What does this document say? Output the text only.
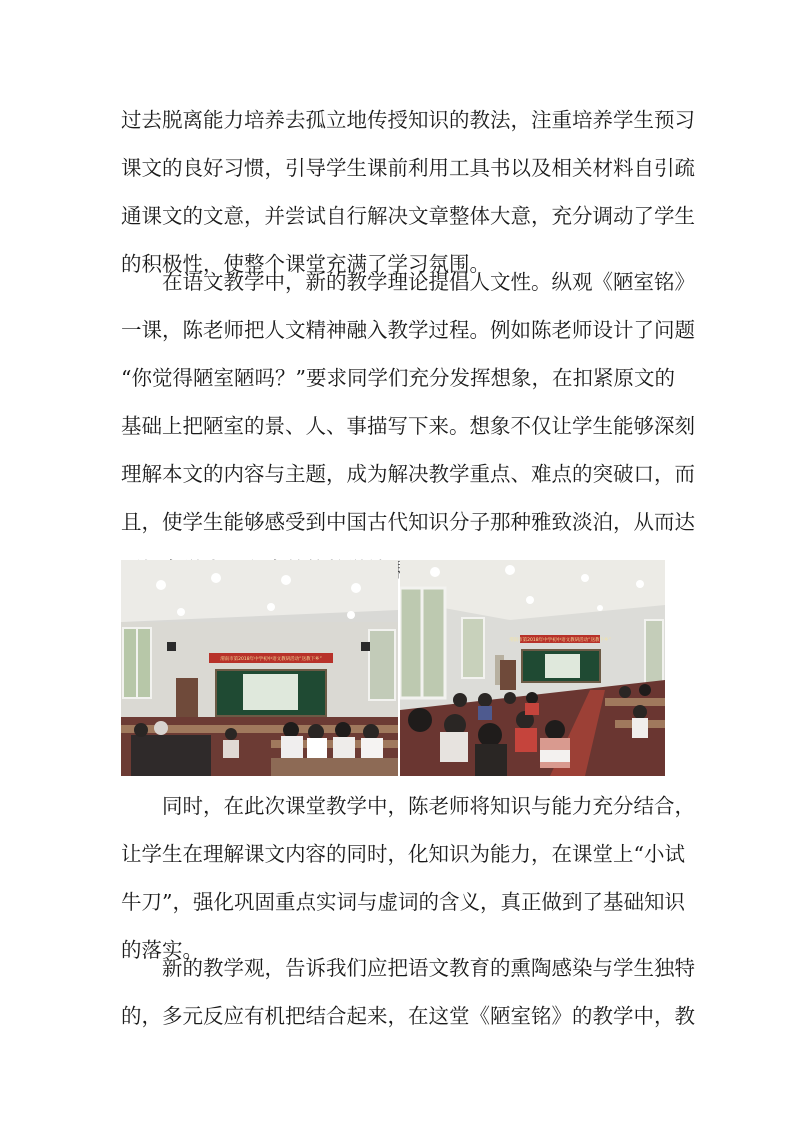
过去脱离能力培养去孤立地传授知识的教法，注重培养学生预习
课文的良好习惯，引导学生课前利用工具书以及相关材料自引疏
通课文的文意，并尝试自行解决文章整体大意，充分调动了学生
的积极性，使整个课堂充满了学习氛围。
　　在语文教学中，新的教学理论提倡人文性。纵观《陋室铭》
一课，陈老师把人文精神融入教学过程。例如陈老师设计了问题
“你觉得陋室陋吗？”要求同学们充分发挥想象，在扣紧原文的
基础上把陋室的景、人、事描写下来。想象不仅让学生能够深刻
理解本文的内容与主题，成为解决教学重点、难点的突破口，而
且，使学生能够感受到中国古代知识分子那种雅致淡泊，从而达
渭南市第2018年中学初中语文教研活动“送教下乡”
渭南市第2018年中学初中语文教研活动“送教下乡”
　　同时，在此次课堂教学中，陈老师将知识与能力充分结合，
让学生在理解课文内容的同时，化知识为能力，在课堂上“小试
牛刀”，强化巩固重点实词与虚词的含义，真正做到了基础知识
的落实。
　　新的教学观，告诉我们应把语文教育的熏陶感染与学生独特
的，多元反应有机把结合起来，在这堂《陋室铭》的教学中，教
